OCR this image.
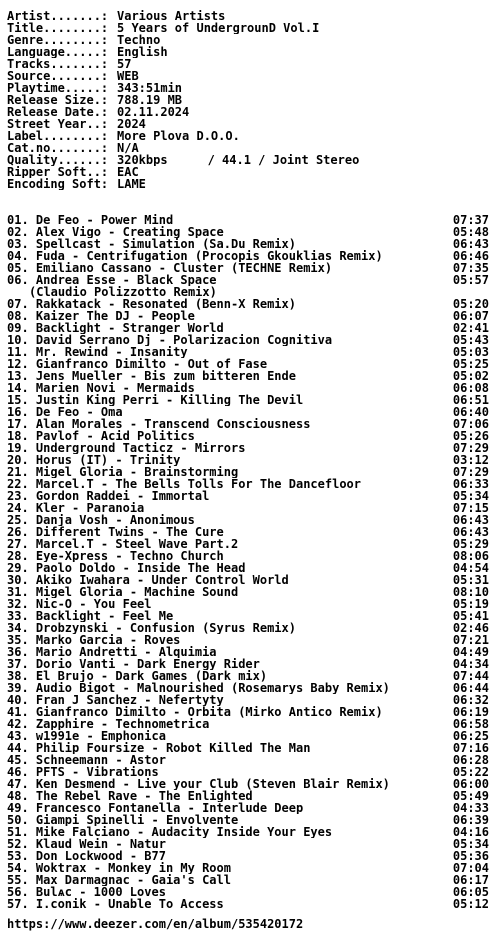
Artist.......: Various Artists
Title........: 5 Years of UndergrounD Vol.I
Genre........: Techno
Language.....: English
Tracks.......: 57
Source.......: WEB
Playtime.....: 343:51min
Release Size.: 788.19 MB
Release Date.: 02.11.2024
Street Year..: 2024
Label........: More Plova D.O.O.
Cat.no.......: N/A
Quality......: 320kbps	/ 44.1 / Joint Stereo
Ripper Soft..: EAC
Encoding Soft: LAME
01. De Feo - Power Mind	07:37
02. Alex Vigo - Creating Space	05:48
03. Spellcast - Simulation (Sa.Du Remix)	06:43
04. Fuda - Centrifugation (Procopis Gkouklias Remix)	06:46
05. Emiliano Cassano - Cluster (TECHNE Remix)	07:35
06. Andrea Esse - Black Space	05:57
(Claudio Polizzotto Remix)
07. Rakkatack - Resonated (Benn-X Remix)	05:20
08. Kaizer The DJ - People	06:07
09. Backlight - Stranger World	02:41
10. David Serrano Dj - Polarizacion Cognitiva	05:43
11. Mr. Rewind - Insanity	05:03
12. Gianfranco Dimilto - Out of Fase	05:25
13. Jens Mueller - Bis zum bitteren Ende	05:02
14. Marien Novi - Mermaids	06:08
15. Justin King Perri - Killing The Devil	06:51
16. De Feo - Oma	06:40
17. Alan Morales - Transcend Consciousness	07:06
18. Pavlof - Acid Politics	05:26
19. Underground Tacticz - Mirrors	07:29
20. Horus (IT) - Trinity	03:12
21. Migel Gloria - Brainstorming	07:29
22. Marcel.T - The Bells Tolls For The Dancefloor	06:33
23. Gordon Raddei - Immortal	05:34
24. Kler - Paranoia	07:15
25. Danja Vosh - Anonimous	06:43
26. Different Twins - The Cure	06:43
27. Marcel.T - Steel Wave Part.2	05:29
28. Eye-Xpress - Techno Church	08:06
29. Paolo Doldo - Inside The Head	04:54
30. Akiko Iwahara - Under Control World	05:31
31. Migel Gloria - Machine Sound	08:10
32. Nic-O - You Feel	05:19
33. Backlight - Feel Me	05:41
34. Drobzynski - Confusion (Syrus Remix)	02:46
35. Marko Garcia - Roves	07:21
36. Mario Andretti - Alquimia	04:49
37. Dorio Vanti - Dark Energy Rider	04:34
38. El Brujo - Dark Games (Dark mix)	07:44
39. Audio Bigot - Malnourished (Rosemarys Baby Remix)	06:44
40. Fran J Sanchez - Nefertyty	06:32
41. Gianfranco Dimilto - Orbita (Mirko Antico Remix)	06:19
42. Zapphire - Technometrica	06:58
43. w1991e - Emphonica	06:25
44. Philip Foursize - Robot Killed The Man	07:16
45. Schneemann - Astor	06:28
46. PFTS - Vibrations	05:22
47. Ken Desmend - Live your Club (Steven Blair Remix)	06:00
48. The Rebel Rave - The Enlighted	05:49
49. Francesco Fontanella - Interlude Deep	04:33
50. Giampi Spinelli - Envolvente	06:39
51. Mike Falciano - Audacity Inside Your Eyes	04:16
52. Klaud Wein - Natur	05:34
53. Don Lockwood - B77	05:36
54. Woktrax - Monkey in My Room	07:04
55. Max Darmagnac - Gaia's Call	06:17
56. Bulѧc - 1000 Loves	06:05
57. I.conik - Unable To Access	05:12
https://www.deezer.com/en/album/535420172
